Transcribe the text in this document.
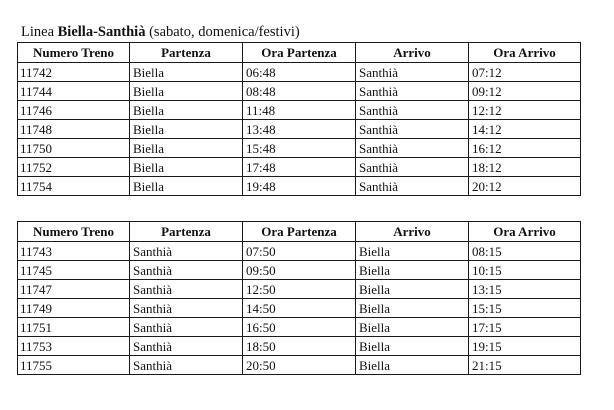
Linea Biella-Santhià (sabato, domenica/festivi)
Numero Treno	Partenza	Ora Partenza	Arrivo	Ora Arrivo
11742	Biella	06:48	Santhià	07:12
11744	Biella	08:48	Santhià	09:12
11746	Biella	11:48	Santhià	12:12
11748	Biella	13:48	Santhià	14:12
11750	Biella	15:48	Santhià	16:12
11752	Biella	17:48	Santhià	18:12
11754	Biella	19:48	Santhià	20:12
Numero Treno	Partenza	Ora Partenza	Arrivo	Ora Arrivo
11743	Santhià	07:50	Biella	08:15
11745	Santhià	09:50	Biella	10:15
11747	Santhià	12:50	Biella	13:15
11749	Santhià	14:50	Biella	15:15
11751	Santhià	16:50	Biella	17:15
11753	Santhià	18:50	Biella	19:15
11755	Santhià	20:50	Biella	21:15
